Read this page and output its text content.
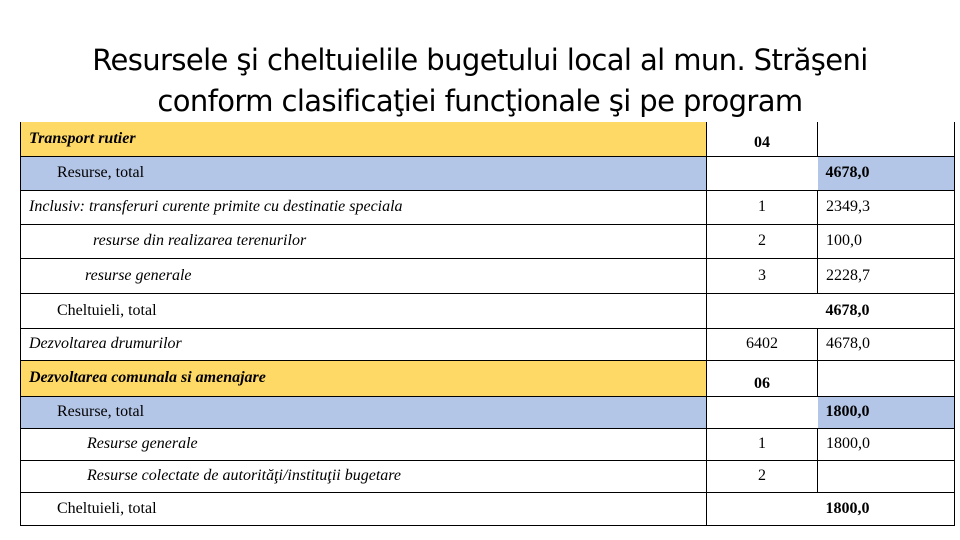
Resursele şi cheltuielile bugetului local al mun. Străşeni
conform clasificaţiei funcţionale şi pe program
Transport rutier	04	
Resurse, total		4678,0
Inclusiv: transferuri curente primite cu destinatie speciala	1	2349,3
resurse din realizarea terenurilor	2	100,0
resurse generale	3	2228,7
Cheltuieli, total		4678,0
Dezvoltarea drumurilor	6402	4678,0
Dezvoltarea comunala si amenajare	06	
Resurse, total		1800,0
Resurse generale	1	1800,0
Resurse colectate de autorităţi/instituţii bugetare	2	
Cheltuieli, total		1800,0
